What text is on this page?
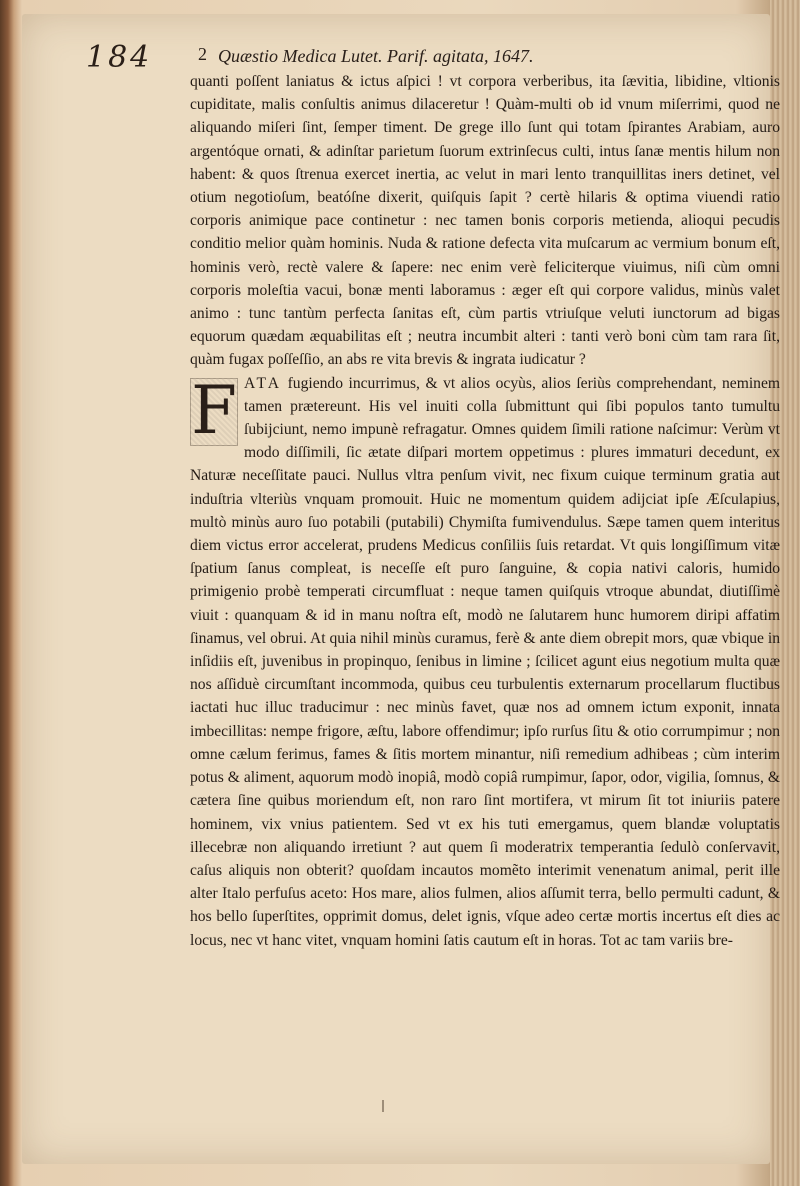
184	2 Quæstio Medica Lutet. Parif. agitata, 1647.

quanti poſſent laniatus & ictus aſpici ! vt corpora verberibus, ita ſævitia, libidine, vltionis cupiditate, malis conſultis animus dilaceretur ! Quàm-multi ob id vnum miſerrimi, quod ne aliquando miſeri ſint, ſemper timent. De grege illo ſunt qui totam ſpirantes Arabiam, auro argentóque ornati, & adinſtar parietum ſuorum extrinſecus culti, intus ſanæ mentis hilum non habent: & quos ſtrenua exercet inertia, ac velut in mari lento tranquillitas iners detinet, vel otium negotioſum, beatóſne dixerit, quiſquis ſapit ? certè hilaris & optima viuendi ratio corporis animique pace continetur : nec tamen bonis corporis metienda, alioqui pecudis conditio melior quàm hominis. Nuda & ratione defecta vita muſcarum ac vermium bonum eſt, hominis verò, rectè valere & ſapere: nec enim verè feliciterque viuimus, niſi cùm omni corporis moleſtia vacui, bonæ menti laboramus : æger eſt qui corpore validus, minùs valet animo : tunc tantùm perfecta ſanitas eſt, cùm partis vtriuſque veluti iunctorum ad bigas equorum quædam æquabilitas eſt ; neutra incumbit alteri : tanti verò boni cùm tam rara ſit, quàm fugax poſſeſſio, an abs re vita brevis & ingrata iudicatur ?

F ATA fugiendo incurrimus, & vt alios ocyùs, alios ſeriùs comprehendant, neminem tamen prætereunt. His vel inuiti colla ſubmittunt qui ſibi populos tanto tumultu ſubijciunt, nemo impunè refragatur. Omnes quidem ſimili ratione naſcimur: Verùm vt modo diſſimili, ſic ætate diſpari mortem oppetimus : plures immaturi decedunt, ex Naturæ neceſſitate pauci. Nullus vltra penſum vivit, nec fixum cuique terminum gratia aut induſtria vlteriùs vnquam promouit. Huic ne momentum quidem adijciat ipſe Æſculapius, multò minùs auro ſuo potabili (putabili) Chymiſta fumivendulus. Sæpe tamen quem interitus diem victus error accelerat, prudens Medicus conſiliis ſuis retardat. Vt quis longiſſimum vitæ ſpatium ſanus compleat, is neceſſe eſt puro ſanguine, & copia nativi caloris, humido primigenio probè temperati circumfluat : neque tamen quiſquis vtroque abundat, diutiſſimè viuit : quanquam & id in manu noſtra eſt, modò ne ſalutarem hunc humorem diripi affatim ſinamus, vel obrui. At quia nihil minùs curamus, ferè & ante diem obrepit mors, quæ vbique in inſidiis eſt, juvenibus in propinquo, ſenibus in limine ; ſcilicet agunt eius negotium multa quæ nos aſſiduè circumſtant incommoda, quibus ceu turbulentis externarum procellarum fluctibus iactati huc illuc traducimur : nec minùs favet, quæ nos ad omnem ictum exponit, innata imbecillitas: nempe frigore, æſtu, labore offendimur; ipſo rurſus ſitu & otio corrumpimur ; non omne cælum ferimus, fames & ſitis mortem minantur, niſi remedium adhibeas ; cùm interim potus & aliment, aquorum modò inopiâ, modò copiâ rumpimur, ſapor, odor, vigilia, ſomnus, & cætera ſine quibus moriendum eſt, non raro ſint mortifera, vt mirum ſit tot iniuriis patere hominem, vix vnius patientem. Sed vt ex his tuti emergamus, quem blandæ voluptatis illecebræ non aliquando irretiunt ? aut quem ſi moderatrix temperantia ſedulò conſervavit, caſus aliquis non obterit? quoſdam incautos momẽto interimit venenatum animal, perit ille alter Italo perfuſus aceto: Hos mare, alios fulmen, alios aſſumit terra, bello permulti cadunt, & hos bello ſuperſtites, opprimit domus, delet ignis, vſque adeo certæ mortis incertus eſt dies ac locus, nec vt hanc vitet, vnquam homini ſatis cautum eſt in horas. Tot ac tam variis bre-
